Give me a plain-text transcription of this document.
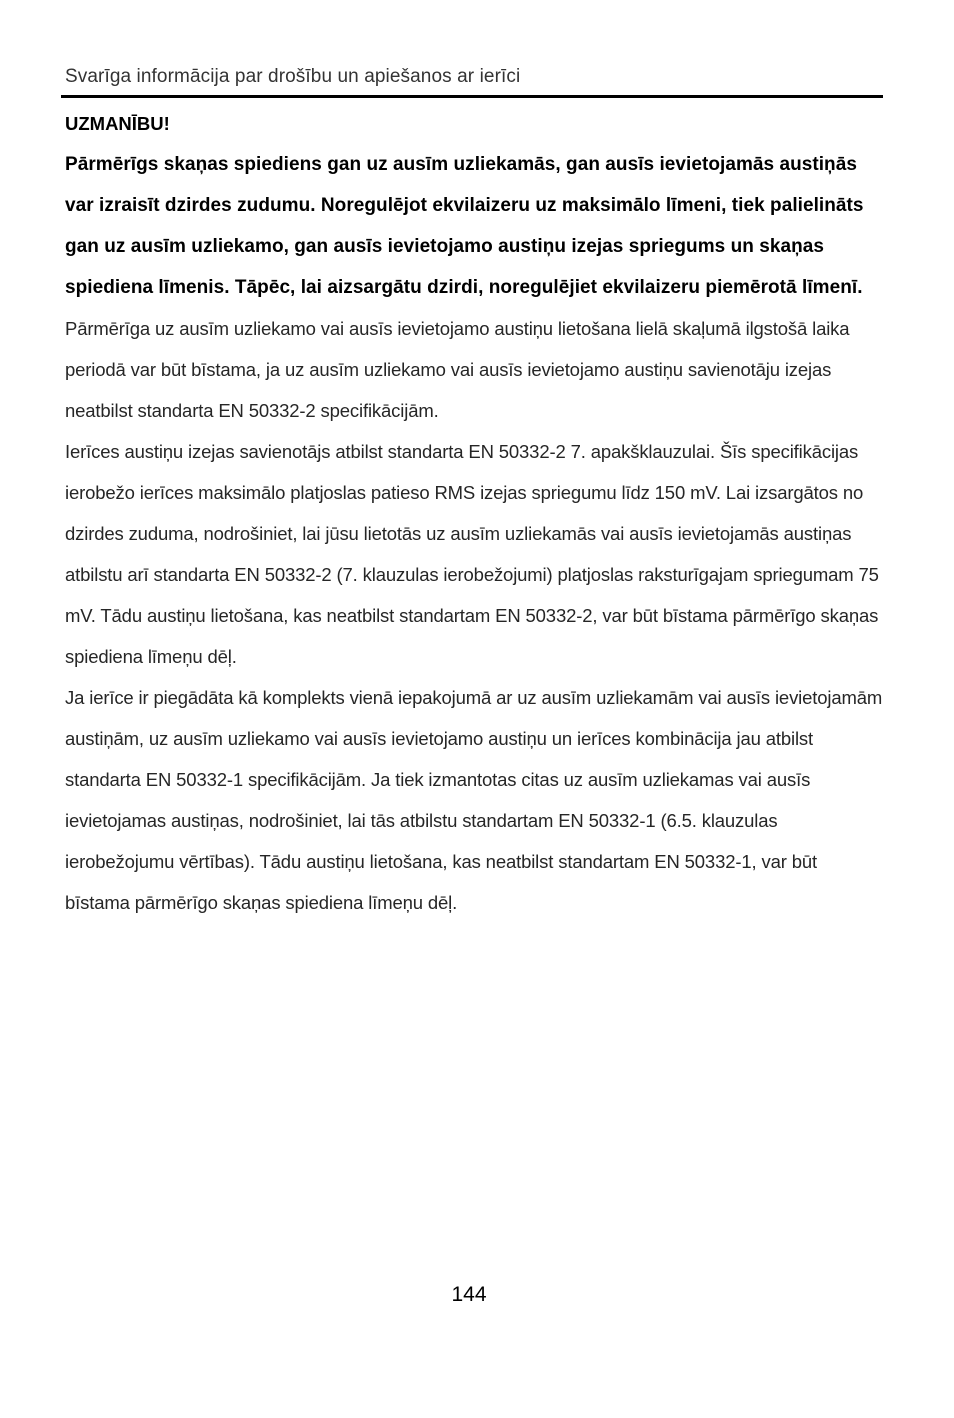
Svarīga informācija par drošību un apiešanos ar ierīci

UZMANĪBU!

Pārmērīgs skaņas spiediens gan uz ausīm uzliekamās, gan ausīs ievietojamās austiņās var izraisīt dzirdes zudumu. Noregulējot ekvilaizeru uz maksimālo līmeni, tiek palielināts gan uz ausīm uzliekamo, gan ausīs ievietojamo austiņu izejas spriegums un skaņas spiediena līmenis. Tāpēc, lai aizsargātu dzirdi, noregulējiet ekvilaizeru piemērotā līmenī.

Pārmērīga uz ausīm uzliekamo vai ausīs ievietojamo austiņu lietošana lielā skaļumā ilgstošā laika periodā var būt bīstama, ja uz ausīm uzliekamo vai ausīs ievietojamo austiņu savienotāju izejas neatbilst standarta EN 50332-2 specifikācijām.

Ierīces austiņu izejas savienotājs atbilst standarta EN 50332-2 7. apakšklauzulai. Šīs specifikācijas ierobežo ierīces maksimālo platjoslas patieso RMS izejas spriegumu līdz 150 mV. Lai izsargātos no dzirdes zuduma, nodrošiniet, lai jūsu lietotās uz ausīm uzliekamās vai ausīs ievietojamās austiņas atbilstu arī standarta EN 50332-2 (7. klauzulas ierobežojumi) platjoslas raksturīgajam spriegumam 75 mV. Tādu austiņu lietošana, kas neatbilst standartam EN 50332-2, var būt bīstama pārmērīgo skaņas spiediena līmeņu dēļ.

Ja ierīce ir piegādāta kā komplekts vienā iepakojumā ar uz ausīm uzliekamām vai ausīs ievietojamām austiņām, uz ausīm uzliekamo vai ausīs ievietojamo austiņu un ierīces kombinācija jau atbilst standarta EN 50332-1 specifikācijām. Ja tiek izmantotas citas uz ausīm uzliekamas vai ausīs ievietojamas austiņas, nodrošiniet, lai tās atbilstu standartam EN 50332-1 (6.5. klauzulas ierobežojumu vērtības). Tādu austiņu lietošana, kas neatbilst standartam EN 50332-1, var būt bīstama pārmērīgo skaņas spiediena līmeņu dēļ.

144
